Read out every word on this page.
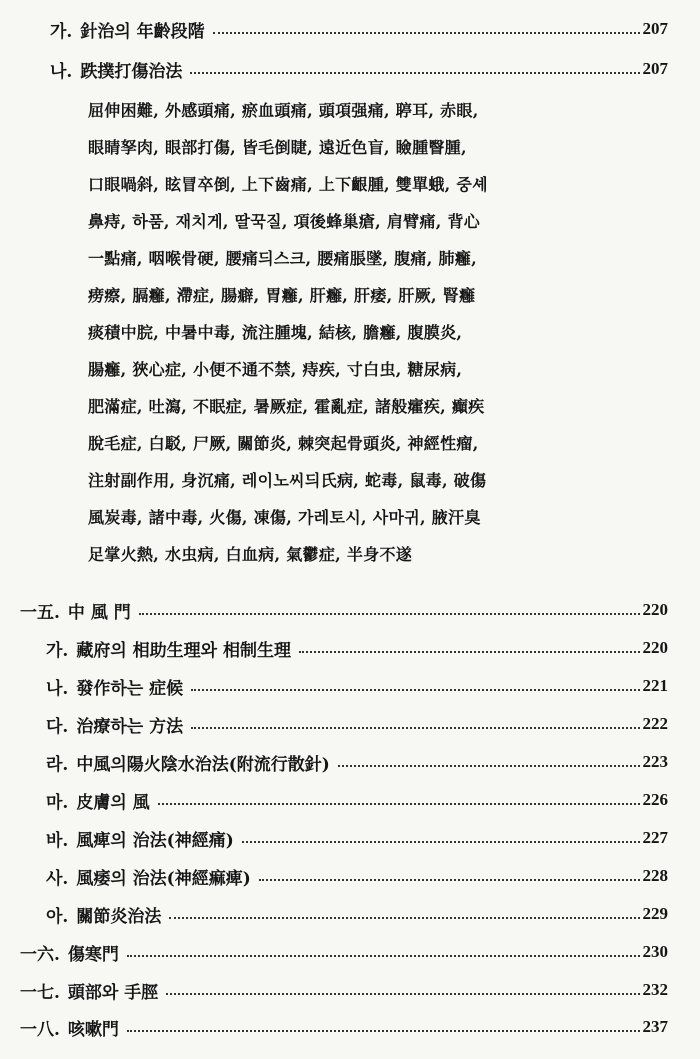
가. 針治의 年齡段階	207
나. 跌撲打傷治法	207
屈伸困難, 外感頭痛, 瘀血頭痛, 頭項强痛, 聤耳, 赤眼,
眼睛孥肉, 眼部打傷, 皆毛倒睫, 遠近色盲, 瞼腫瞖腫,
口眼喎斜, 眩冒卒倒, 上下齒痛, 上下齦腫, 雙單蛾, 중셰
鼻痔, 하품, 재치게, 딸꾹질, 項後蜂巢瘡, 肩臂痛, 背心
一點痛, 咽喉骨硬, 腰痛듸스크, 腰痛脹墜, 腹痛, 肺癰,
痨瘵, 膈癰, 滯症, 腸癖, 胃癰, 肝癰, 肝痿, 肝厥, 腎癰
痰積中脘, 中暑中毒, 流注腫塊, 結核, 膽癰, 腹膜炎,
腸癰, 狹心症, 小便不通不禁, 痔疾, 寸白虫, 糖尿病,
肥滿症, 吐瀉, 不眠症, 暑厥症, 霍亂症, 諸般癨疾, 癲疾
脫毛症, 白駁, 尸厥, 關節炎, 棘突起骨頭炎, 神經性瘤,
注射副作用, 身沉痛, 레이노씨듸氏病, 蛇毒, 鼠毒, 破傷
風炭毒, 諸中毒, 火傷, 凍傷, 가레토시, 사마귀, 腋汗臭
足掌火熱, 水虫病, 白血病, 氣鬱症, 半身不遂
一五. 中 風 門	220
가. 藏府의 相助生理와 相制生理	220
나. 發作하는 症候	221
다. 治療하는 方法	222
라. 中風의陽火陰水治法(附流行散針)	223
마. 皮膚의 風	226
바. 風痺의 治法(神經痛)	227
사. 風痿의 治法(神經痲痺)	228
아. 關節炎治法	229
一六. 傷寒門	230
一七. 頭部와 手脛	232
一八. 咳嗽門	237
